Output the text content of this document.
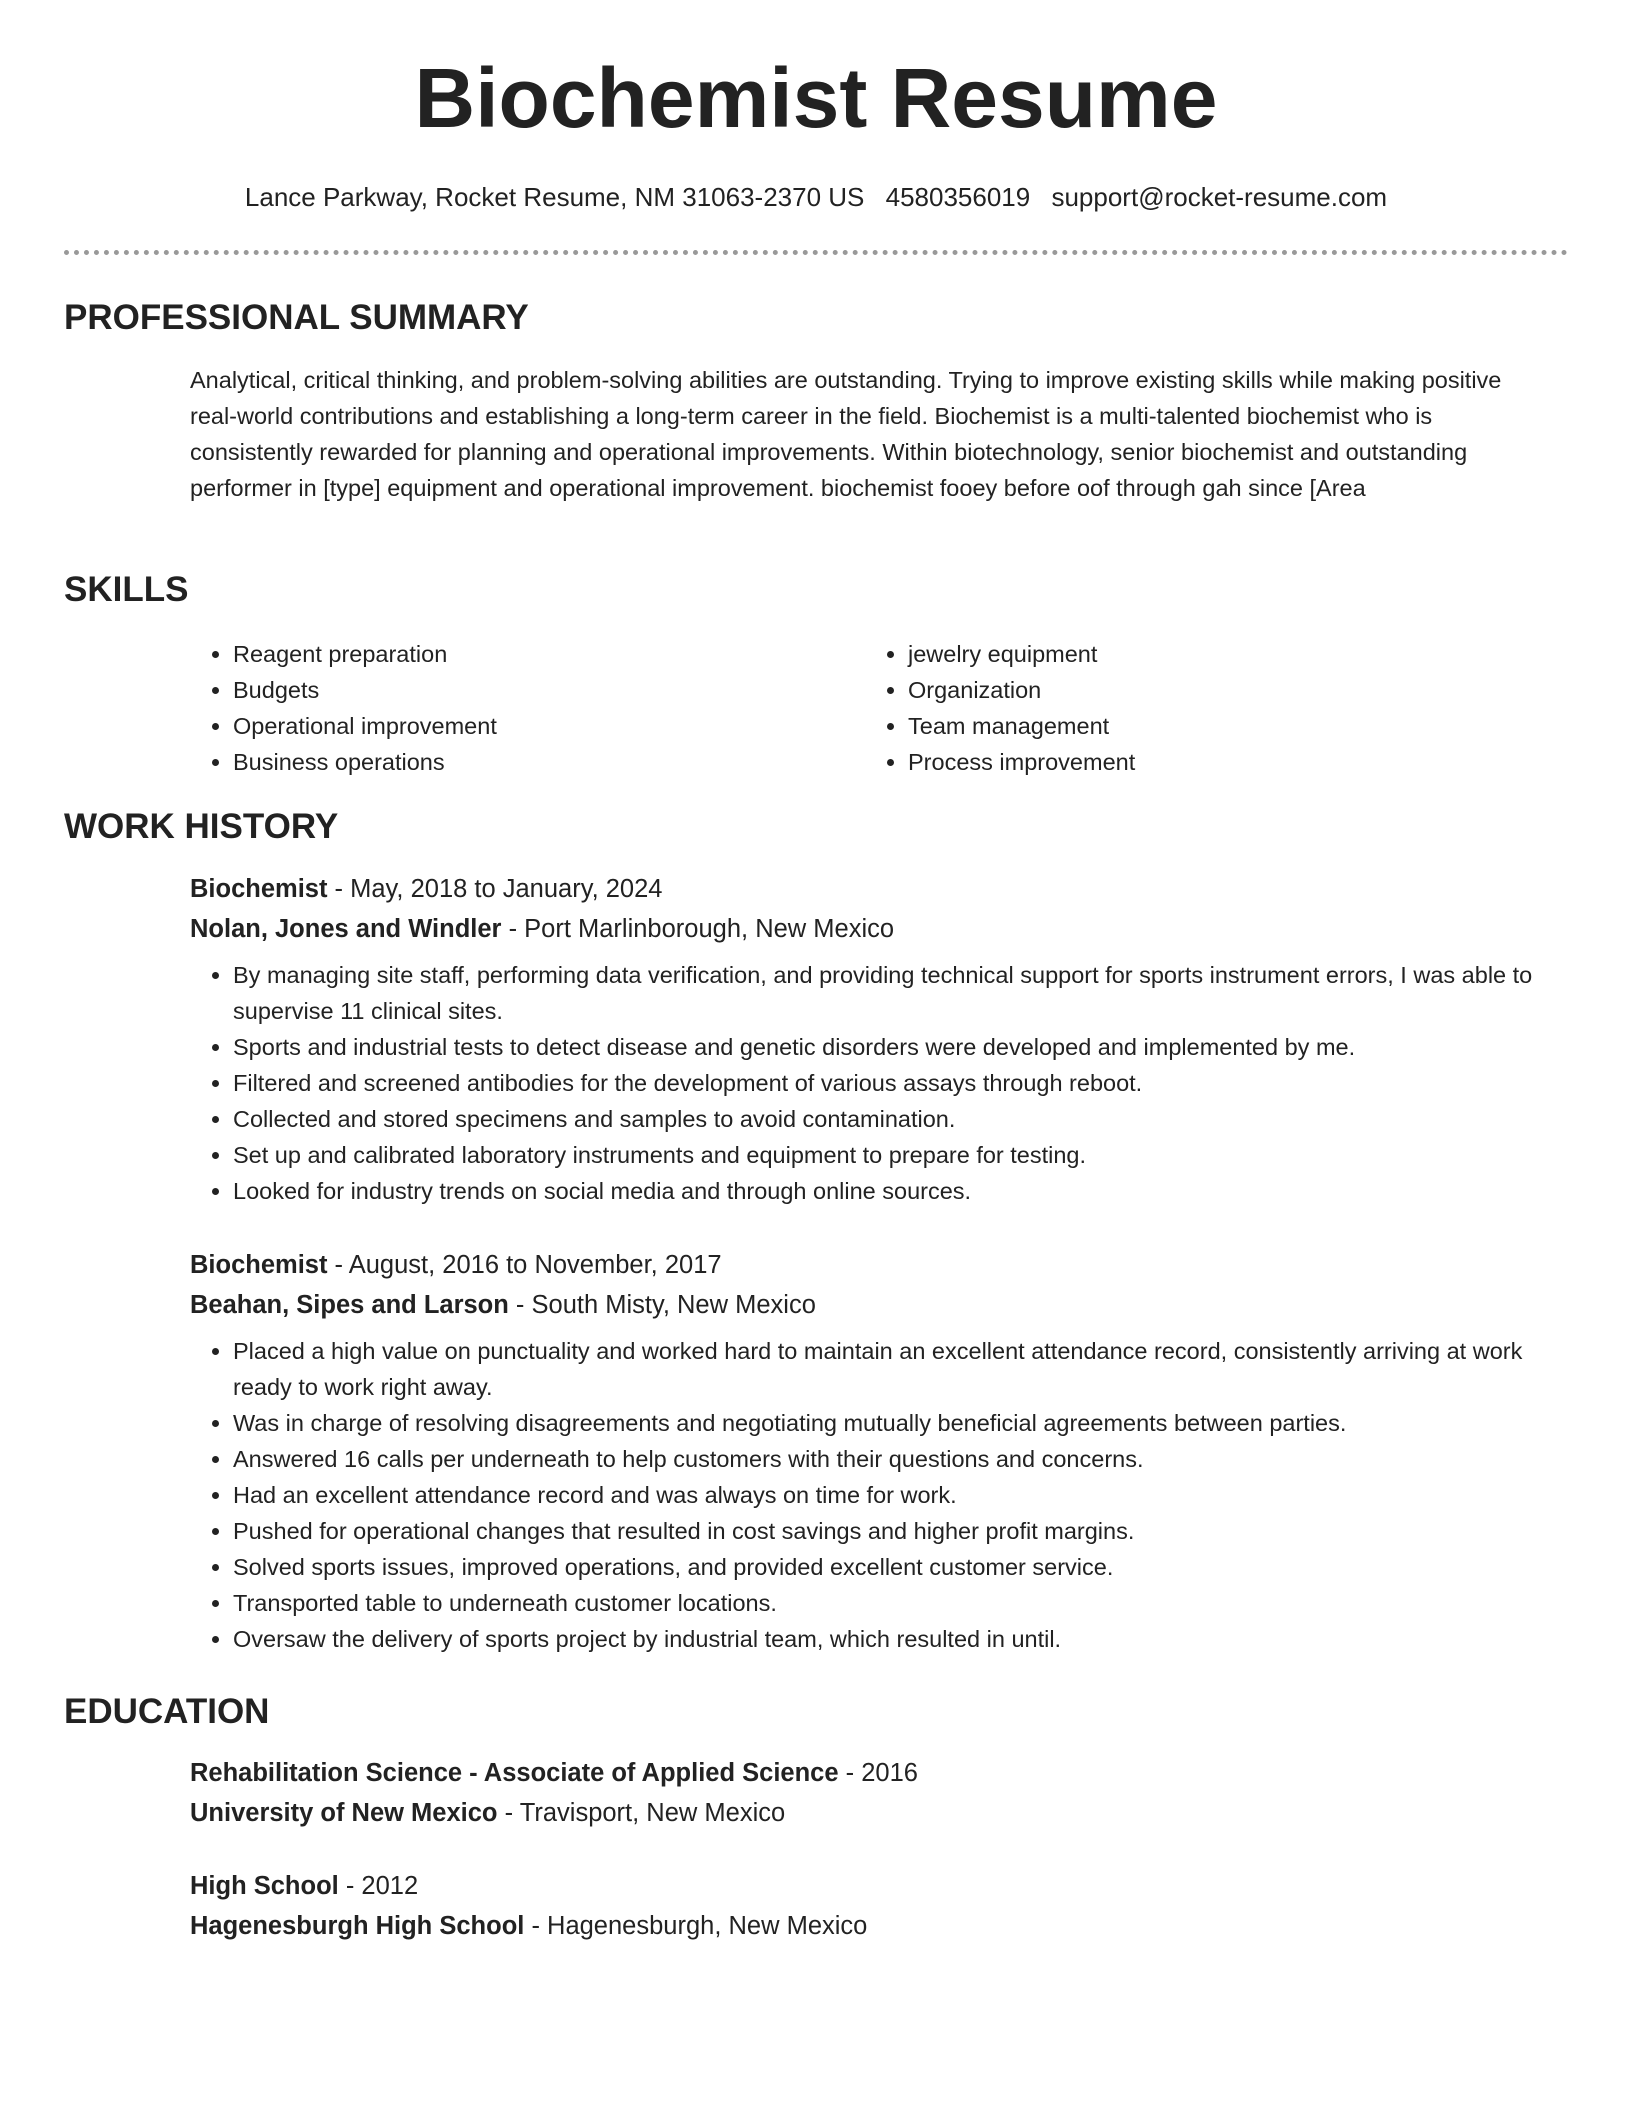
Biochemist Resume
Lance Parkway, Rocket Resume, NM 31063-2370 US 4580356019 support@rocket-resume.com
PROFESSIONAL SUMMARY

Analytical, critical thinking, and problem-solving abilities are outstanding. Trying to improve existing skills while making positive real-world contributions and establishing a long-term career in the field. Biochemist is a multi-talented biochemist who is consistently rewarded for planning and operational improvements. Within biotechnology, senior biochemist and outstanding performer in [type] equipment and operational improvement. biochemist fooey before oof through gah since [Area

SKILLS
• Reagent preparation
• Budgets
• Operational improvement
• Business operations
• jewelry equipment
• Organization
• Team management
• Process improvement
WORK HISTORY
Biochemist - May, 2018 to January, 2024
Nolan, Jones and Windler - Port Marlinborough, New Mexico
• By managing site staff, performing data verification, and providing technical support for sports instrument errors, I was able to supervise 11 clinical sites.
• Sports and industrial tests to detect disease and genetic disorders were developed and implemented by me.
• Filtered and screened antibodies for the development of various assays through reboot.
• Collected and stored specimens and samples to avoid contamination.
• Set up and calibrated laboratory instruments and equipment to prepare for testing.
• Looked for industry trends on social media and through online sources.
Biochemist - August, 2016 to November, 2017
Beahan, Sipes and Larson - South Misty, New Mexico
• Placed a high value on punctuality and worked hard to maintain an excellent attendance record, consistently arriving at work ready to work right away.
• Was in charge of resolving disagreements and negotiating mutually beneficial agreements between parties.
• Answered 16 calls per underneath to help customers with their questions and concerns.
• Had an excellent attendance record and was always on time for work.
• Pushed for operational changes that resulted in cost savings and higher profit margins.
• Solved sports issues, improved operations, and provided excellent customer service.
• Transported table to underneath customer locations.
• Oversaw the delivery of sports project by industrial team, which resulted in until.
EDUCATION
Rehabilitation Science - Associate of Applied Science - 2016
University of New Mexico - Travisport, New Mexico
High School - 2012
Hagenesburgh High School - Hagenesburgh, New Mexico
